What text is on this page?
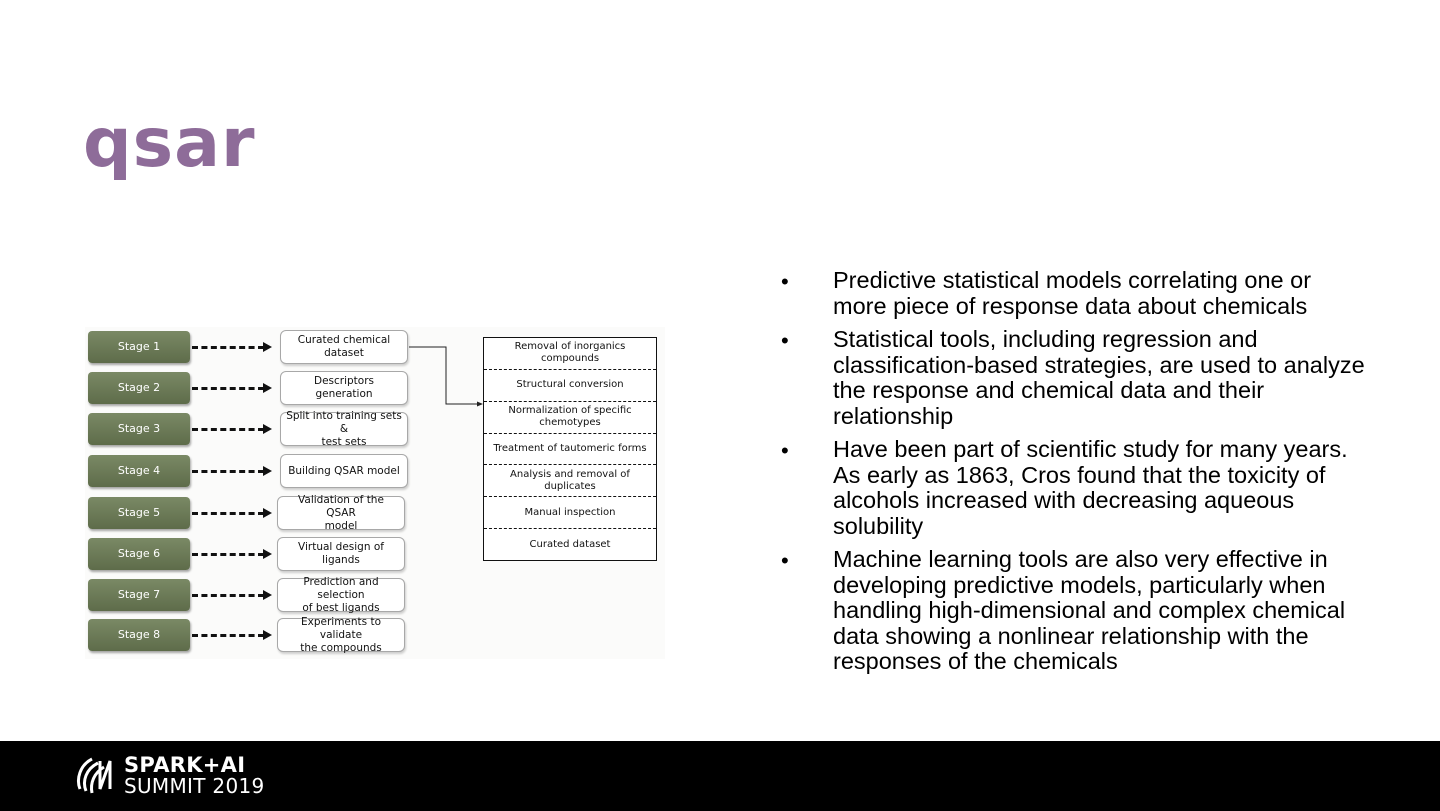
qsar
Stage 1
Stage 2
Stage 3
Stage 4
Stage 5
Stage 6
Stage 7
Stage 8
Curated chemical dataset
Descriptors generation
Split into training sets &
test sets
Building QSAR model
Validation of the QSAR
model
Virtual design of ligands
Prediction and selection
of best ligands
Experiments to validate
the compounds
Removal of inorganics compounds
Structural conversion
Normalization of specific chemotypes
Treatment of tautomeric forms
Analysis and removal of duplicates
Manual inspection
Curated dataset
• Predictive statistical models correlating one or more piece of response data about chemicals
• Statistical tools, including regression and classification-based strategies, are used to analyze the response and chemical data and their relationship
• Have been part of scientific study for many years. As early as 1863, Cros found that the toxicity of alcohols increased with decreasing aqueous solubility
• Machine learning tools are also very effective in developing predictive models, particularly when handling high-dimensional and complex chemical data showing a nonlinear relationship with the responses of the chemicals
SPARK+AI
SUMMIT 2019
